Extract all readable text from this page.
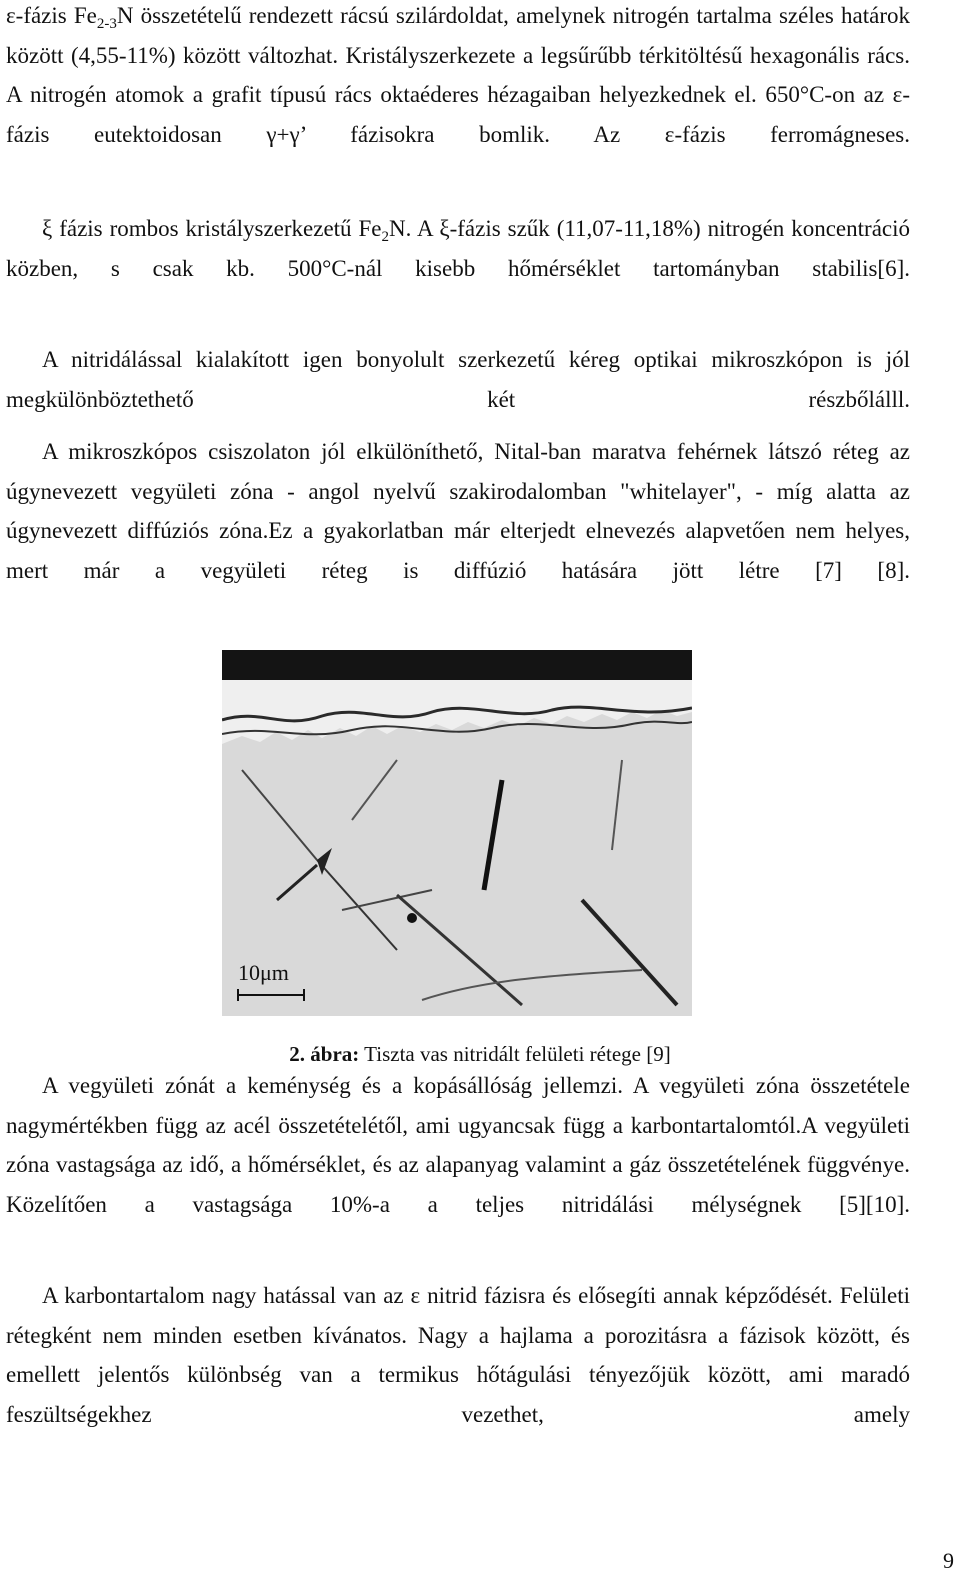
ε-fázis $Fe_{2-3}N$ összetételű rendezett rácsú szilárdoldat, amelynek nitrogén tartalma széles határok között (4,55-11%) között változhat. Kristályszerkezete a legsűrűbb térkitöltésű hexagonális rács. A nitrogén atomok a grafit típusú rács oktaéderes hézagaiban helyezkednek el. 650°C-on az ε-fázis eutektoidosan γ+γ’ fázisokra bomlik. Az ε-fázis ferromágneses.

ξ fázis rombos kristályszerkezetű $Fe_2N$. A ξ-fázis szűk (11,07-11,18%) nitrogén koncentráció közben, s csak kb. 500°C-nál kisebb hőmérséklet tartományban stabilis[6].

A nitridálással kialakított igen bonyolult szerkezetű kéreg optikai mikroszkópon is jól megkülönböztethető két részbőlálll.

A mikroszkópos csiszolaton jól elkülöníthető, Nital-ban maratva fehérnek látszó réteg az úgynevezett vegyületi zóna - angol nyelvű szakirodalomban "whitelayer", - míg alatta az úgynevezett diffúziós zóna.Ez a gyakorlatban már elterjedt elnevezés alapvetően nem helyes, mert már a vegyületi réteg is diffúzió hatására jött létre [7] [8].

10μm
2. ábra: Tiszta vas nitridált felületi rétege [9]

A vegyületi zónát a keménység és a kopásállóság jellemzi. A vegyületi zóna összetétele nagymértékben függ az acél összetételétől, ami ugyancsak függ a karbontartalomtól.A vegyületi zóna vastagsága az idő, a hőmérséklet, és az alapanyag valamint a gáz összetételének függvénye. Közelítően a vastagsága 10%-a a teljes nitridálási mélységnek [5][10].

A karbontartalom nagy hatással van az ε nitrid fázisra és elősegíti annak képződését. Felületi rétegként nem minden esetben kívánatos. Nagy a hajlama a porozitásra a fázisok között, és emellett jelentős különbség van a termikus hőtágulási tényezőjük között, ami maradó feszültségekhez vezethet, amely

9
